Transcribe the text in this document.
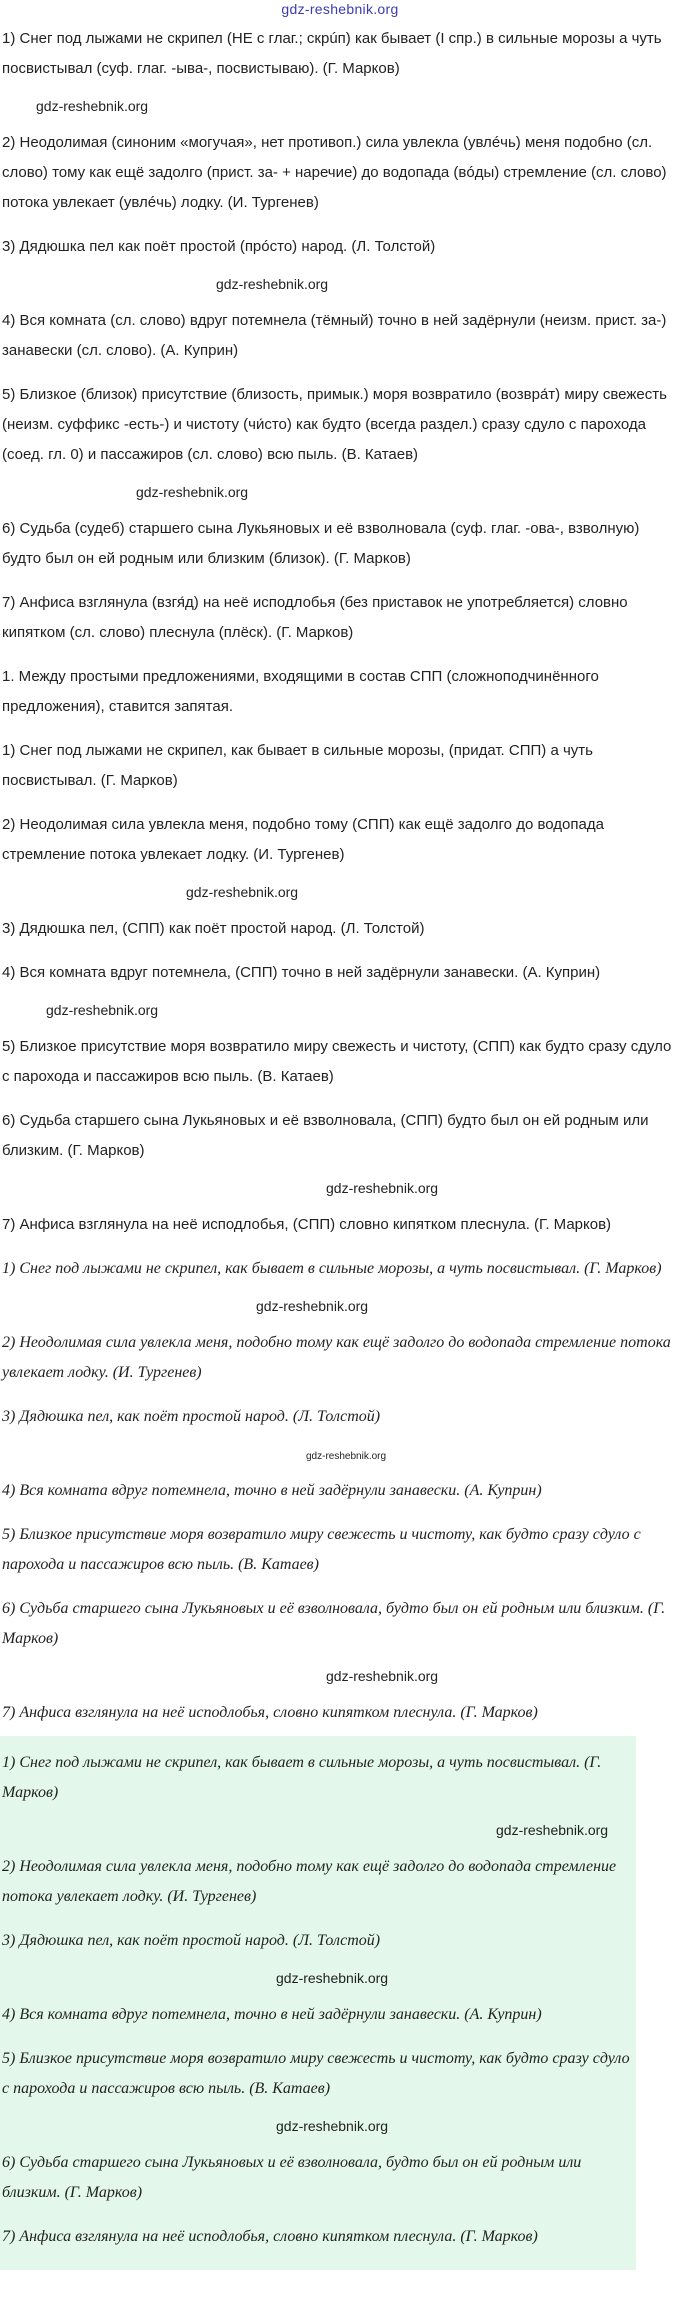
gdz-reshebnik.org
1) Снег под лыжами не скрипел (НЕ с глаг.; скрúп) как бывает (I спр.) в сильные морозы а чуть посвистывал (суф. глаг. -ыва-, посвистываю). (Г. Марков)
gdz-reshebnik.org
2) Неодолимая (синоним «могучая», нет противоп.) сила увлекла (увлéчь) меня подобно (сл. слово) тому как ещё задолго (прист. за- + наречие) до водопада (вóды) стремление (сл. слово) потока увлекает (увлéчь) лодку. (И. Тургенев)
3) Дядюшка пел как поёт простой (прóсто) народ. (Л. Толстой)
gdz-reshebnik.org
4) Вся комната (сл. слово) вдруг потемнела (тёмный) точно в ней задёрнули (неизм. прист. за-) занавески (сл. слово). (А. Куприн)
5) Близкое (близок) присутствие (близость, примык.) моря возвратило (возвра́т) миру свежесть (неизм. суффикс -есть-) и чистоту (чи́сто) как будто (всегда раздел.) сразу сдуло с парохода (соед. гл. 0) и пассажиров (сл. слово) всю пыль. (В. Катаев)
gdz-reshebnik.org
6) Судьба (судеб) старшего сына Лукьяновых и её взволновала (суф. глаг. -ова-, взволную) будто был он ей родным или близким (близок). (Г. Марков)
7) Анфиса взглянула (взгя́д) на неё исподлобья (без приставок не употребляется) словно кипятком (сл. слово) плеснула (плёск). (Г. Марков)
1. Между простыми предложениями, входящими в состав СПП (сложноподчинённого предложения), ставится запятая.
1) Снег под лыжами не скрипел, как бывает в сильные морозы, (придат. СПП) а чуть посвистывал. (Г. Марков)
2) Неодолимая сила увлекла меня, подобно тому (СПП) как ещё задолго до водопада стремление потока увлекает лодку. (И. Тургенев)
gdz-reshebnik.org
3) Дядюшка пел, (СПП) как поёт простой народ. (Л. Толстой)
4) Вся комната вдруг потемнела, (СПП) точно в ней задёрнули занавески. (А. Куприн)
gdz-reshebnik.org
5) Близкое присутствие моря возвратило миру свежесть и чистоту, (СПП) как будто сразу сдуло с парохода и пассажиров всю пыль. (В. Катаев)
6) Судьба старшего сына Лукьяновых и её взволновала, (СПП) будто был он ей родным или близким. (Г. Марков)
gdz-reshebnik.org
7) Анфиса взглянула на неё исподлобья, (СПП) словно кипятком плеснула. (Г. Марков)
1) Снег под лыжами не скрипел, как бывает в сильные морозы, а чуть посвистывал. (Г. Марков)
gdz-reshebnik.org
2) Неодолимая сила увлекла меня, подобно тому как ещё задолго до водопада стремление потока увлекает лодку. (И. Тургенев)
3) Дядюшка пел, как поёт простой народ. (Л. Толстой)
gdz-reshebnik.org
4) Вся комната вдруг потемнела, точно в ней задёрнули занавески. (А. Куприн)
5) Близкое присутствие моря возвратило миру свежесть и чистоту, как будто сразу сдуло с парохода и пассажиров всю пыль. (В. Катаев)
6) Судьба старшего сына Лукьяновых и её взволновала, будто был он ей родным или близким. (Г. Марков)
gdz-reshebnik.org
7) Анфиса взглянула на неё исподлобья, словно кипятком плеснула. (Г. Марков)
1) Снег под лыжами не скрипел, как бывает в сильные морозы, а чуть посвистывал. (Г. Марков)
gdz-reshebnik.org
2) Неодолимая сила увлекла меня, подобно тому как ещё задолго до водопада стремление потока увлекает лодку. (И. Тургенев)
3) Дядюшка пел, как поёт простой народ. (Л. Толстой)
gdz-reshebnik.org
4) Вся комната вдруг потемнела, точно в ней задёрнули занавески. (А. Куприн)
5) Близкое присутствие моря возвратило миру свежесть и чистоту, как будто сразу сдуло с парохода и пассажиров всю пыль. (В. Катаев)
gdz-reshebnik.org
6) Судьба старшего сына Лукьяновых и её взволновала, будто был он ей родным или близким. (Г. Марков)
7) Анфиса взглянула на неё исподлобья, словно кипятком плеснула. (Г. Марков)
